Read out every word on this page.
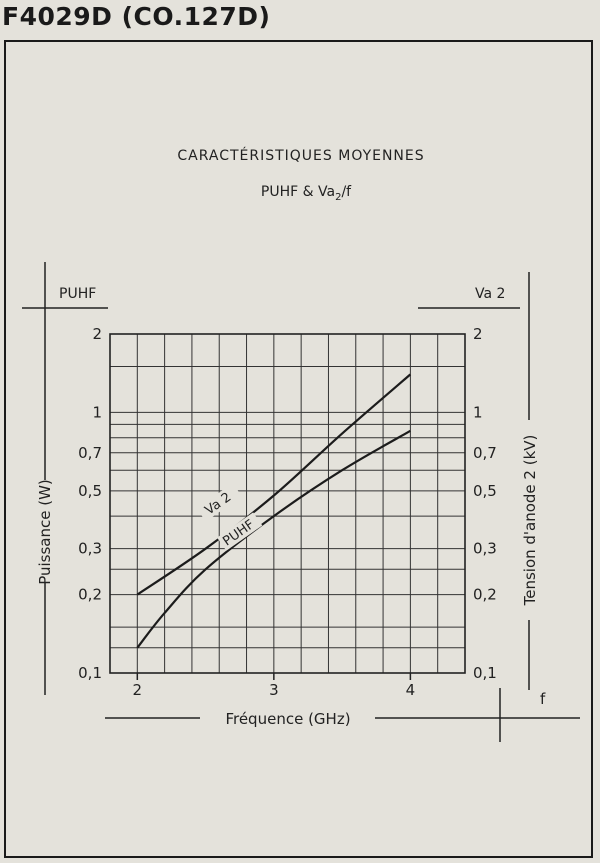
F4029D (CO.127D)
CARACTÉRISTIQUES MOYENNES
PUHF & $Va_2/f$
PUHF	Va 2
Puissance (W)	Tension d'anode 2 (kV)
Fréquence (GHz)
f
2	3	4
0,1	0,1
0,2	0,2
0,3	0,3
0,5	0,5
0,7	0,7
1	1
2	2
Va 2
PUHF
